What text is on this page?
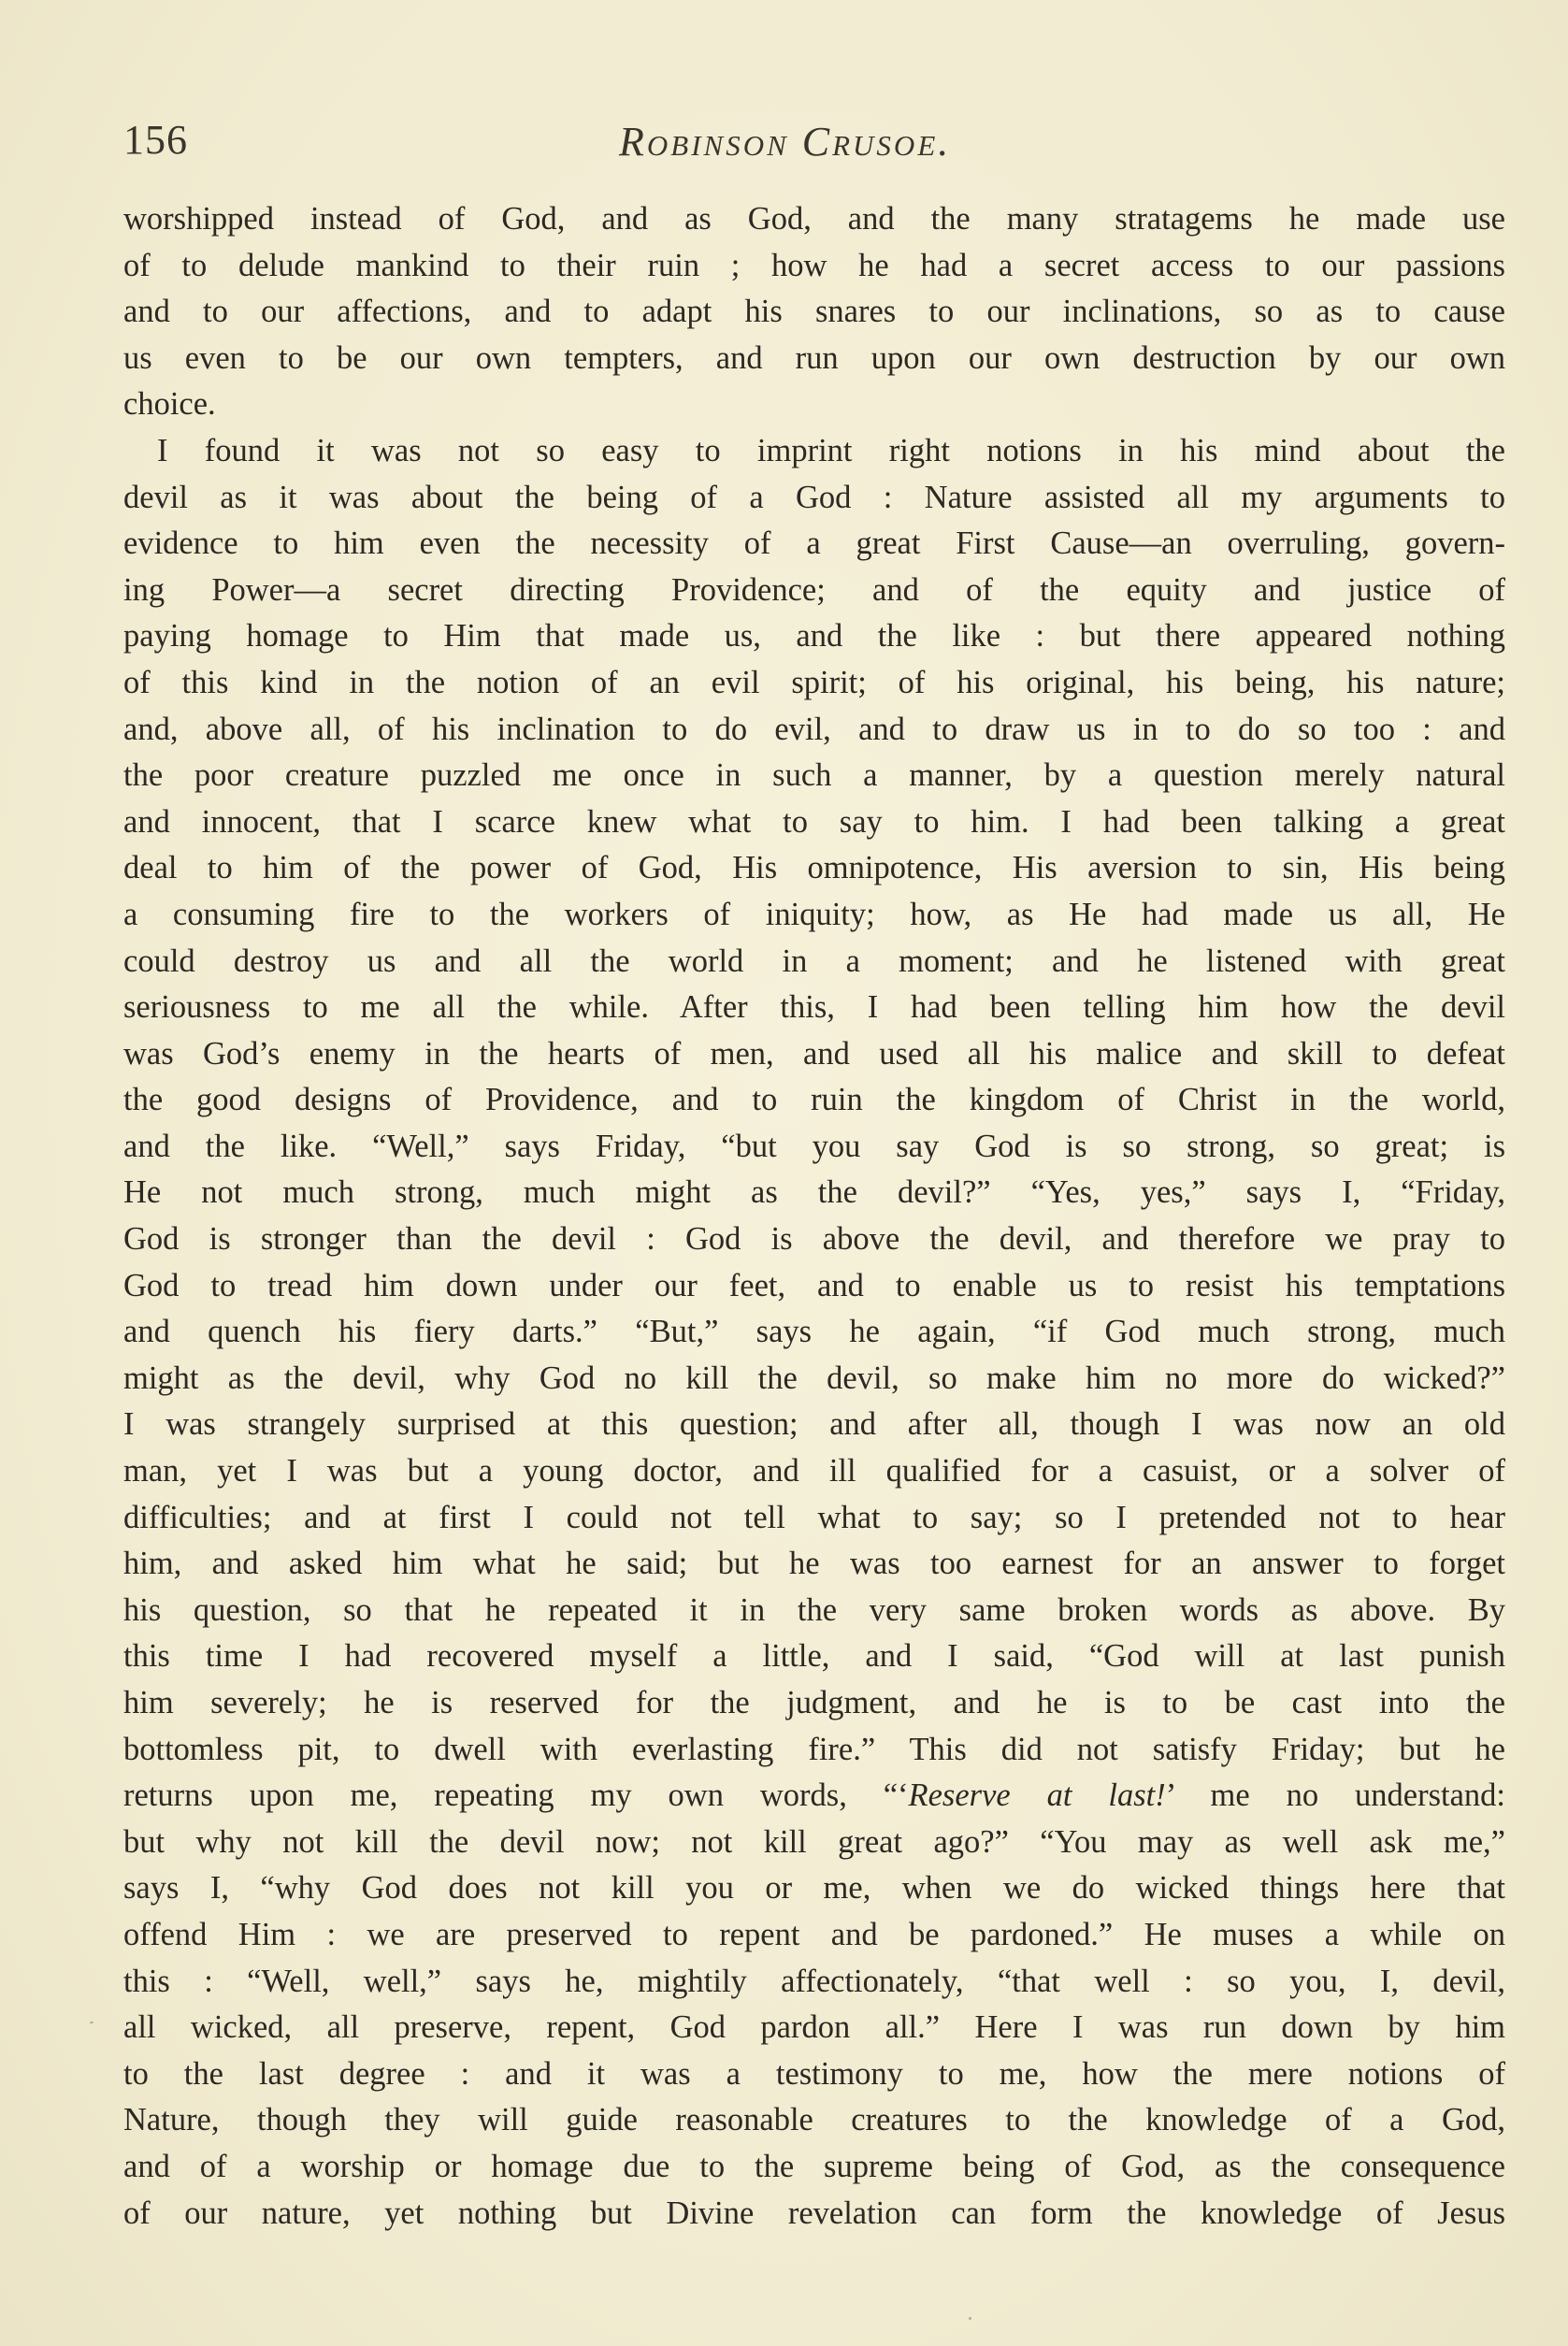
156	Robinson Crusoe.
worshipped instead of God, and as God, and the many stratagems he made use
of to delude mankind to their ruin ; how he had a secret access to our passions
and to our affections, and to adapt his snares to our inclinations, so as to cause
us even to be our own tempters, and run upon our own destruction by our own
choice.
I found it was not so easy to imprint right notions in his mind about the
devil as it was about the being of a God : Nature assisted all my arguments to
evidence to him even the necessity of a great First Cause—an overruling, govern-
ing Power—a secret directing Providence; and of the equity and justice of
paying homage to Him that made us, and the like : but there appeared nothing
of this kind in the notion of an evil spirit; of his original, his being, his nature;
and, above all, of his inclination to do evil, and to draw us in to do so too : and
the poor creature puzzled me once in such a manner, by a question merely natural
and innocent, that I scarce knew what to say to him. I had been talking a great
deal to him of the power of God, His omnipotence, His aversion to sin, His being
a consuming fire to the workers of iniquity; how, as He had made us all, He
could destroy us and all the world in a moment; and he listened with great
seriousness to me all the while. After this, I had been telling him how the devil
was God’s enemy in the hearts of men, and used all his malice and skill to defeat
the good designs of Providence, and to ruin the kingdom of Christ in the world,
and the like. “Well,” says Friday, “but you say God is so strong, so great; is
He not much strong, much might as the devil?” “Yes, yes,” says I, “Friday,
God is stronger than the devil : God is above the devil, and therefore we pray to
God to tread him down under our feet, and to enable us to resist his temptations
and quench his fiery darts.” “But,” says he again, “if God much strong, much
might as the devil, why God no kill the devil, so make him no more do wicked?”
I was strangely surprised at this question; and after all, though I was now an old
man, yet I was but a young doctor, and ill qualified for a casuist, or a solver of
difficulties; and at first I could not tell what to say; so I pretended not to hear
him, and asked him what he said; but he was too earnest for an answer to forget
his question, so that he repeated it in the very same broken words as above. By
this time I had recovered myself a little, and I said, “God will at last punish
him severely; he is reserved for the judgment, and he is to be cast into the
bottomless pit, to dwell with everlasting fire.” This did not satisfy Friday; but he
returns upon me, repeating my own words, “‘Reserve at last!’ me no understand:
but why not kill the devil now; not kill great ago?” “You may as well ask me,”
says I, “why God does not kill you or me, when we do wicked things here that
offend Him : we are preserved to repent and be pardoned.” He muses a while on
this : “Well, well,” says he, mightily affectionately, “that well : so you, I, devil,
all wicked, all preserve, repent, God pardon all.” Here I was run down by him
to the last degree : and it was a testimony to me, how the mere notions of
Nature, though they will guide reasonable creatures to the knowledge of a God,
and of a worship or homage due to the supreme being of God, as the consequence
of our nature, yet nothing but Divine revelation can form the knowledge of Jesus
